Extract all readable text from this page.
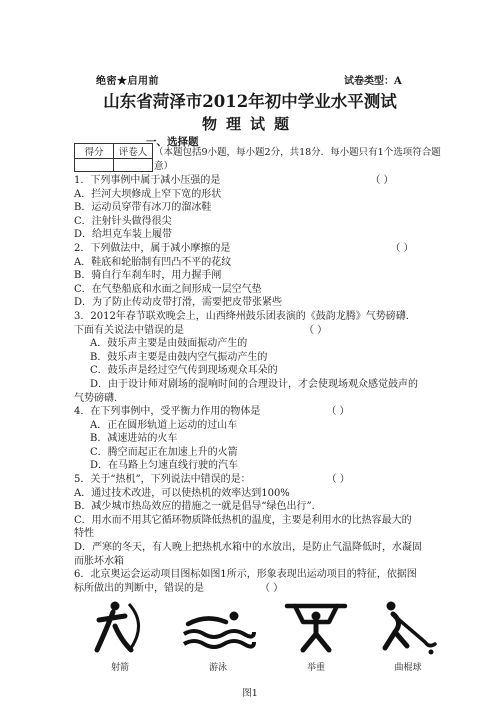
绝密★启用前	试卷类型：A
山东省菏泽市2012年初中学业水平测试
物理试题
得分	评卷人

一、选择题
（本题包括9小题，每小题2分，共18分．每小题只有1个选项符合题意）

1．下列事例中属于减小压强的是	（ ）

A．拦河大坝修成上窄下宽的形状

B．运动员穿带有冰刀的溜冰鞋

C．注射针头做得很尖

D．给坦克车装上履带

2．下列做法中，属于减小摩擦的是	（ ）

A．鞋底和轮胎制有凹凸不平的花纹

B．骑自行车刹车时，用力握手闸

C．在气垫船底和水面之间形成一层空气垫

D．为了防止传动皮带打滑，需要把皮带张紧些

3．2012年春节联欢晚会上，山西绛州鼓乐团表演的《鼓韵龙腾》气势磅礴．

下面有关说法中错误的是	（ ）

A．鼓乐声主要是由鼓面振动产生的

B．鼓乐声主要是由鼓内空气振动产生的

C．鼓乐声是经过空气传到现场观众耳朵的

D．由于设计师对剧场的混响时间的合理设计，才会使现场观众感觉鼓声的

气势磅礴．

4．在下列事例中，受平衡力作用的物体是	（ ）

A．正在圆形轨道上运动的过山车

B．减速进站的火车

C．腾空而起正在加速上升的火箭

D．在马路上匀速直线行驶的汽车

5．关于“热机”，下列说法中错误的是：	（ ）

A．通过技术改进，可以使热机的效率达到100%

B．减少城市热岛效应的措施之一就是倡导“绿色出行”．

C．用水而不用其它循环物质降低热机的温度，主要是利用水的比热容最大的

特性

D．严寒的冬天，有人晚上把热机水箱中的水放出，是防止气温降低时，水凝固

而胀坏水箱

6．北京奥运会运动项目图标如图1所示，形象表现出运动项目的特征，依据图

标所做出的判断中，错误的是	（ ）

射箭	游泳	举重	曲棍球
图1
